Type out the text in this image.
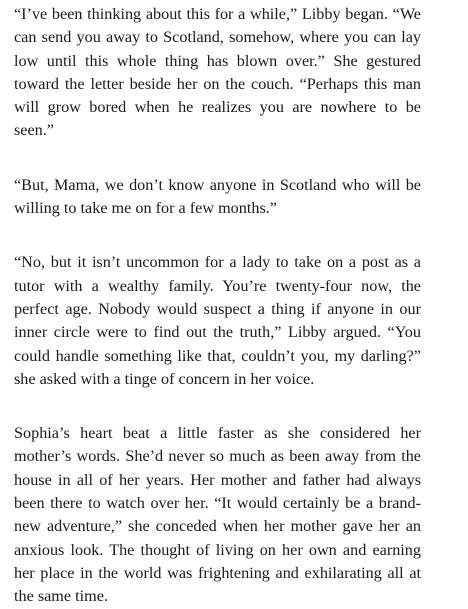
“I’ve been thinking about this for a while,” Libby began. “We can send you away to Scotland, somehow, where you can lay low until this whole thing has blown over.” She gestured toward the letter beside her on the couch. “Perhaps this man will grow bored when he realizes you are nowhere to be seen.”

“But, Mama, we don’t know anyone in Scotland who will be willing to take me on for a few months.”

“No, but it isn’t uncommon for a lady to take on a post as a tutor with a wealthy family. You’re twenty-four now, the perfect age. Nobody would suspect a thing if anyone in our inner circle were to find out the truth,” Libby argued. “You could handle something like that, couldn’t you, my darling?” she asked with a tinge of concern in her voice.

Sophia’s heart beat a little faster as she considered her mother’s words. She’d never so much as been away from the house in all of her years. Her mother and father had always been there to watch over her. “It would certainly be a brand-new adventure,” she conceded when her mother gave her an anxious look. The thought of living on her own and earning her place in the world was frightening and exhilarating all at the same time.
